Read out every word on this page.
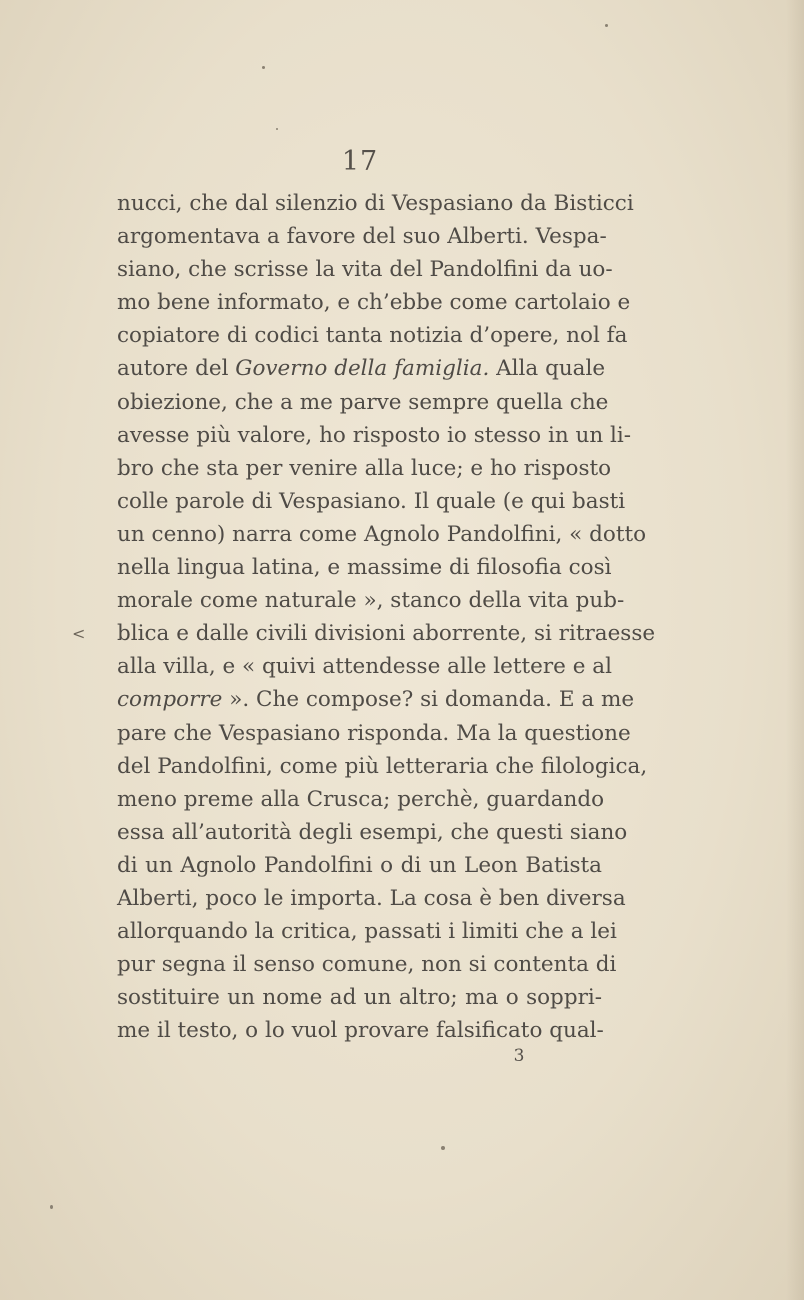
17
nucci, che dal silenzio di Vespasiano da Bisticci
argomentava a favore del suo Alberti. Vespa-
siano, che scrisse la vita del Pandolfini da uo-
mo bene informato, e ch’ebbe come cartolaio e
copiatore di codici tanta notizia d’opere, nol fa
autore del Governo della famiglia. Alla quale
obiezione, che a me parve sempre quella che
avesse più valore, ho risposto io stesso in un li-
bro che sta per venire alla luce; e ho risposto
colle parole di Vespasiano. Il quale (e qui basti
un cenno) narra come Agnolo Pandolfini, « dotto
nella lingua latina, e massime di filosofia così
morale come naturale », stanco della vita pub-
blica e dalle civili divisioni aborrente, si ritraesse
alla villa, e « quivi attendesse alle lettere e al
comporre ». Che compose? si domanda. E a me
pare che Vespasiano risponda. Ma la questione
del Pandolfini, come più letteraria che filologica,
meno preme alla Crusca; perchè, guardando
essa all’autorità degli esempi, che questi siano
di un Agnolo Pandolfini o di un Leon Batista
Alberti, poco le importa. La cosa è ben diversa
allorquando la critica, passati i limiti che a lei
pur segna il senso comune, non si contenta di
sostituire un nome ad un altro; ma o soppri-
me il testo, o lo vuol provare falsificato qual-
3
<
